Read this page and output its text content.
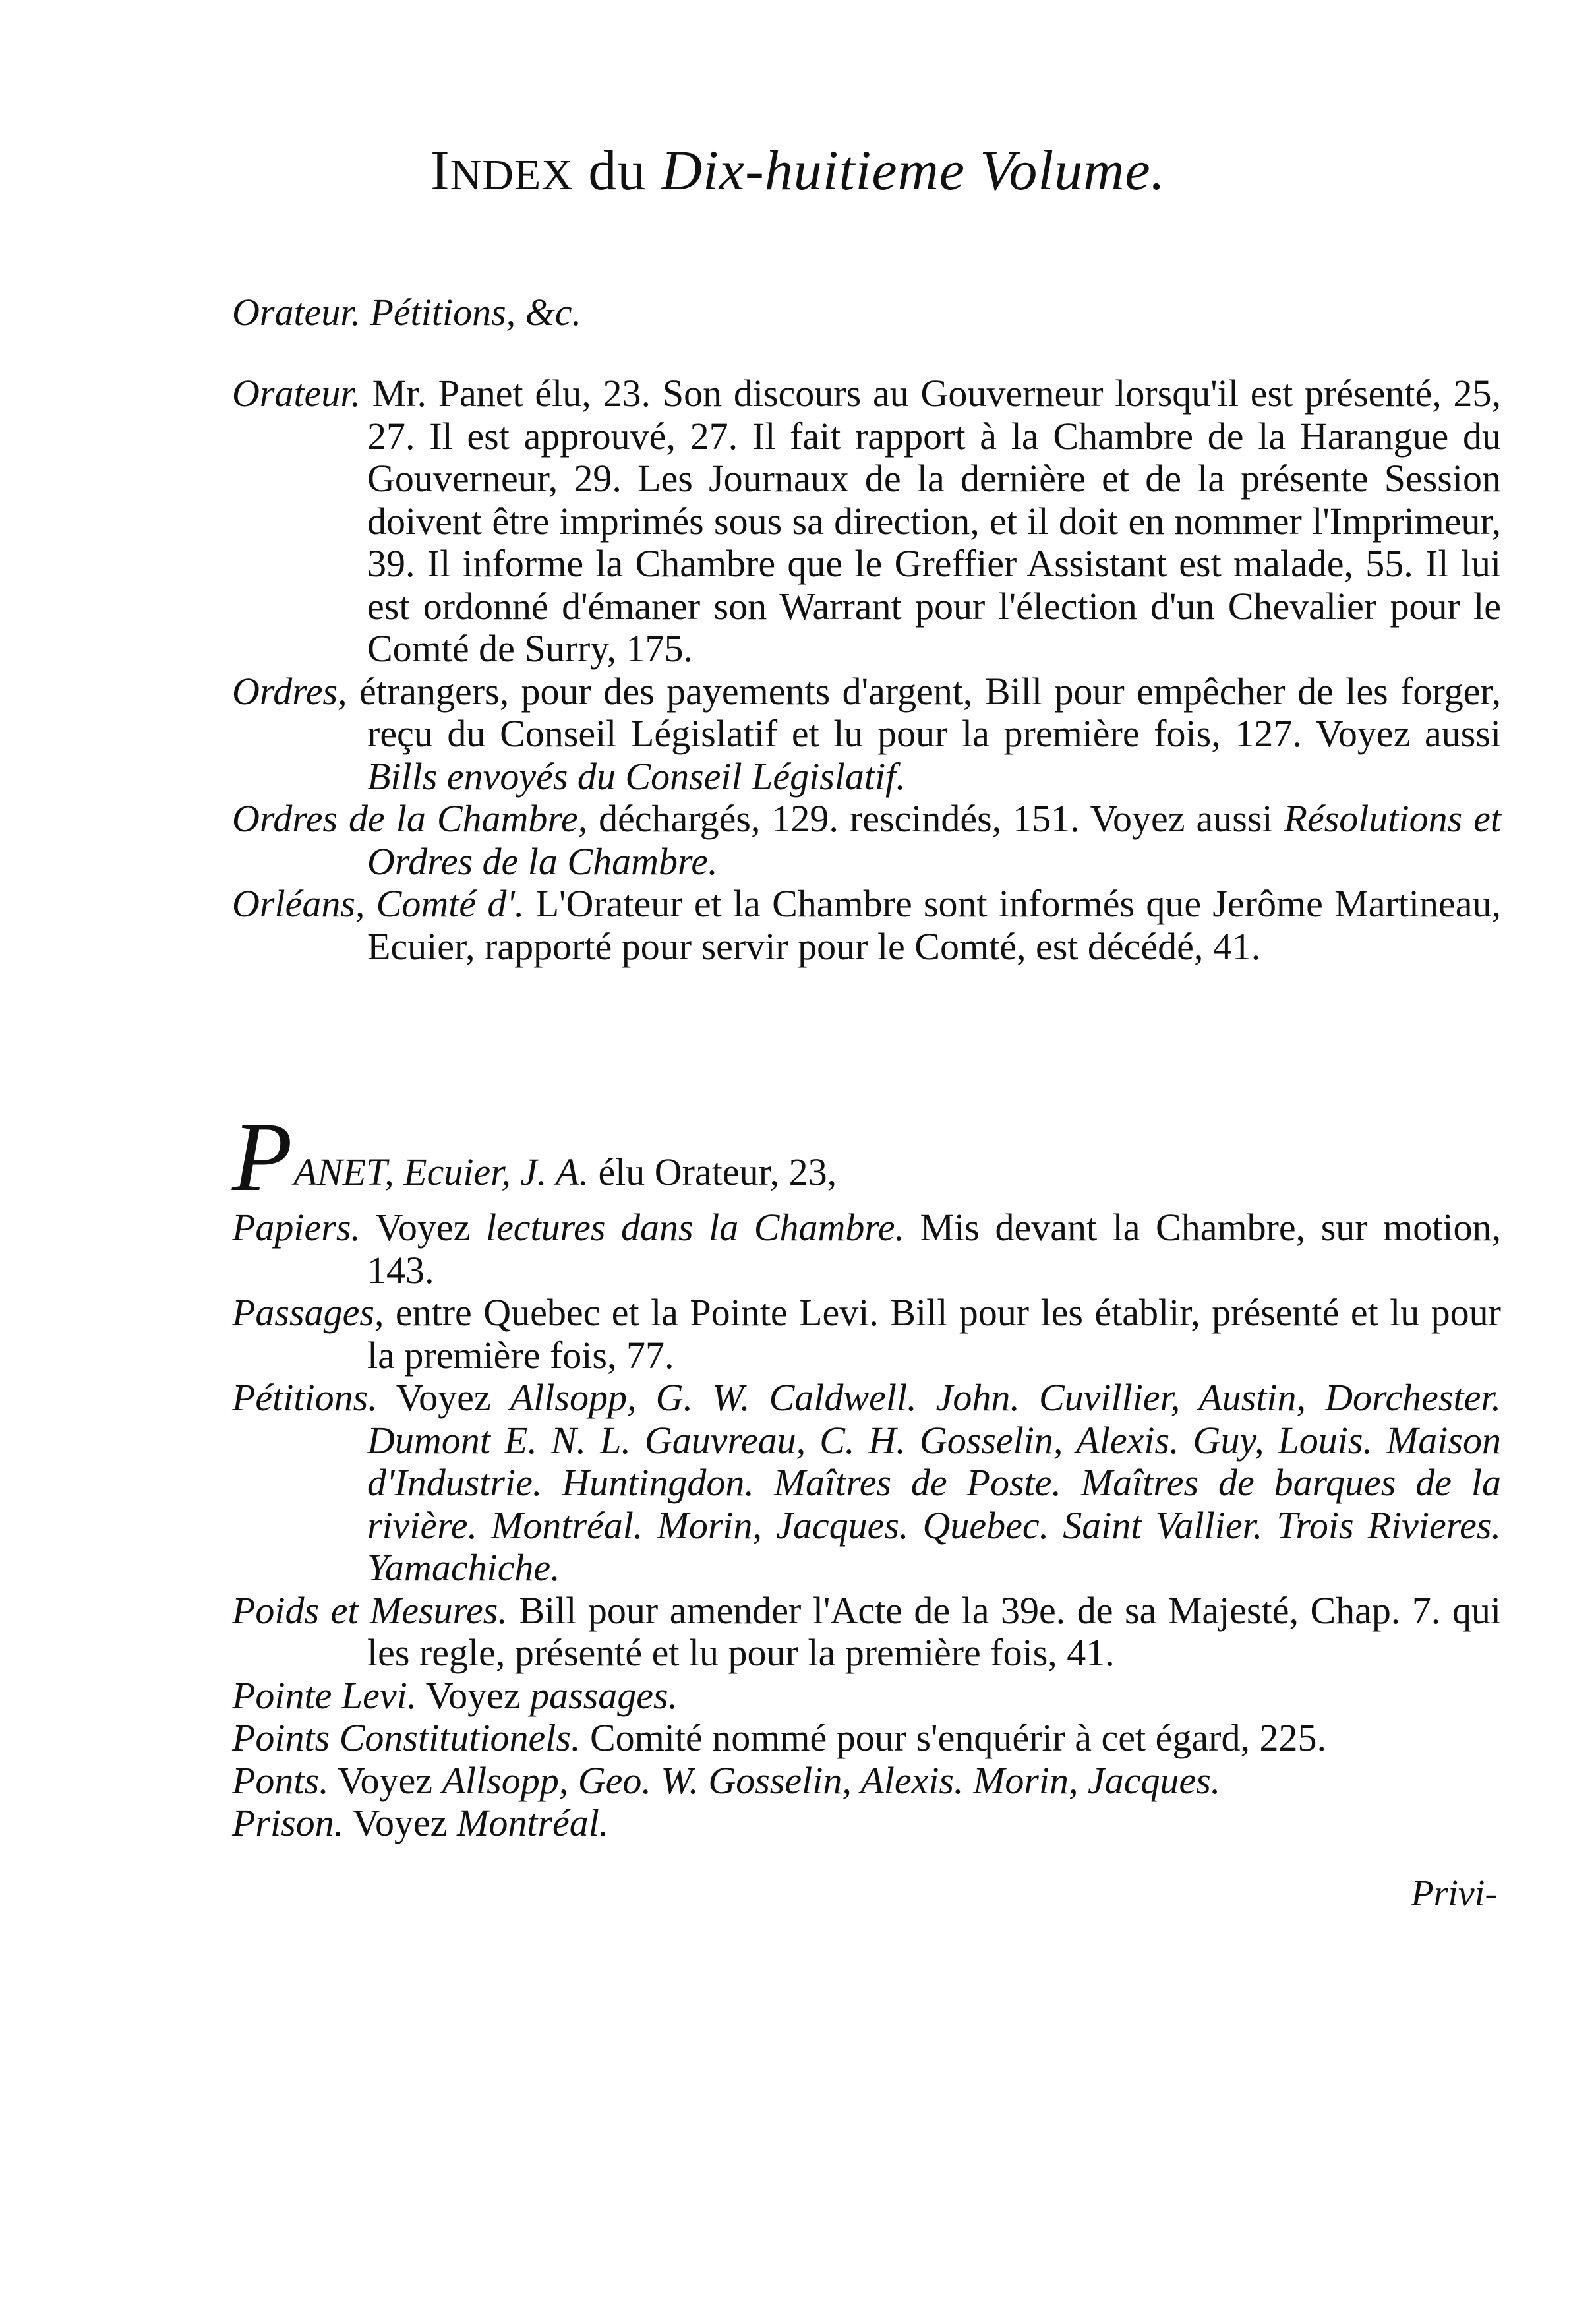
INDEX du Dix-huitieme Volume.
Orateur. Pétitions, &c.

Orateur. Mr. Panet élu, 23. Son discours au Gouverneur lorsqu'il est présenté, 25, 27. Il est approuvé, 27. Il fait rapport à la Chambre de la Harangue du Gouverneur, 29. Les Journaux de la dernière et de la présente Session doivent être imprimés sous sa direction, et il doit en nommer l'Imprimeur, 39. Il informe la Chambre que le Greffier Assistant est malade, 55. Il lui est ordonné d'émaner son Warrant pour l'élection d'un Chevalier pour le Comté de Surry, 175.

Ordres, étrangers, pour des payements d'argent, Bill pour empêcher de les forger, reçu du Conseil Législatif et lu pour la première fois, 127. Voyez aussi Bills envoyés du Conseil Législatif.

Ordres de la Chambre, déchargés, 129. rescindés, 151. Voyez aussi Résolutions et Ordres de la Chambre.

Orléans, Comté d'. L'Orateur et la Chambre sont informés que Jerôme Martineau, Ecuier, rapporté pour servir pour le Comté, est décédé, 41.

PANET, Ecuier, J. A. élu Orateur, 23,

Papiers. Voyez lectures dans la Chambre. Mis devant la Chambre, sur motion, 143.

Passages, entre Quebec et la Pointe Levi. Bill pour les établir, présenté et lu pour la première fois, 77.

Pétitions. Voyez Allsopp, G. W. Caldwell. John. Cuvillier, Austin, Dorchester. Dumont E. N. L. Gauvreau, C. H. Gosselin, Alexis. Guy, Louis. Maison d'Industrie. Huntingdon. Maîtres de Poste. Maîtres de barques de la rivière. Montréal. Morin, Jacques. Quebec. Saint Vallier. Trois Rivieres. Yamachiche.

Poids et Mesures. Bill pour amender l'Acte de la 39e. de sa Majesté, Chap. 7. qui les regle, présenté et lu pour la première fois, 41.

Pointe Levi. Voyez passages.

Points Constitutionels. Comité nommé pour s'enquérir à cet égard, 225.

Ponts. Voyez Allsopp, Geo. W. Gosselin, Alexis. Morin, Jacques.

Prison. Voyez Montréal.

Privi-
